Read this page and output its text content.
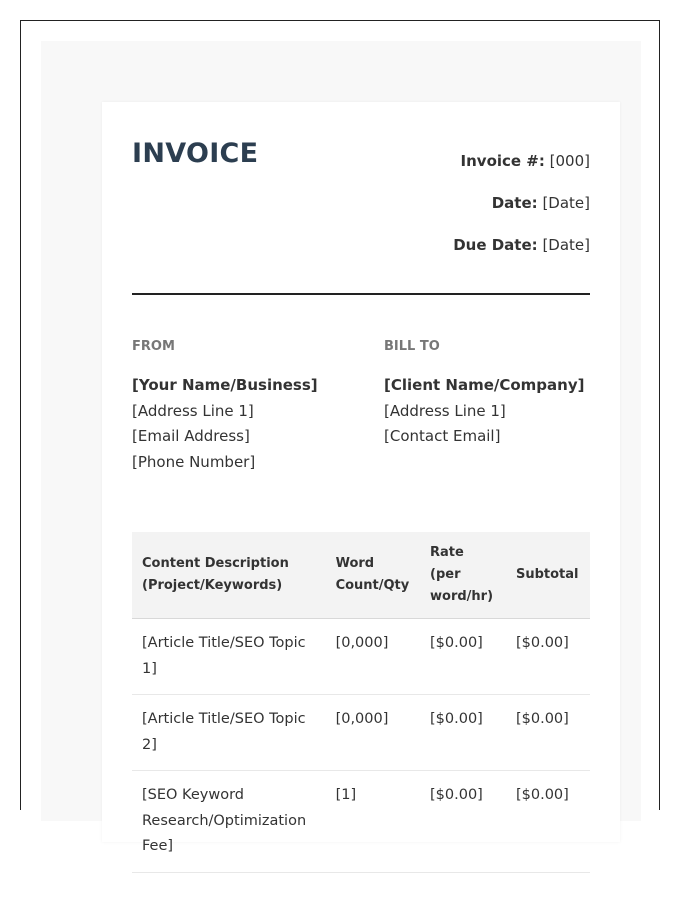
INVOICE	Invoice #: [000]
Date: [Date]
Due Date: [Date]
FROM
[Your Name/Business]
[Address Line 1]
[Email Address]
[Phone Number]
BILL TO
[Client Name/Company]
[Address Line 1]
[Contact Email]
Content Description (Project/Keywords)	Word Count/Qty	Rate (per word/hr)	Subtotal
[Article Title/SEO Topic 1]	[0,000]	[$0.00]	[$0.00]
[Article Title/SEO Topic 2]	[0,000]	[$0.00]	[$0.00]
[SEO Keyword Research/Optimization Fee]	[1]	[$0.00]	[$0.00]
